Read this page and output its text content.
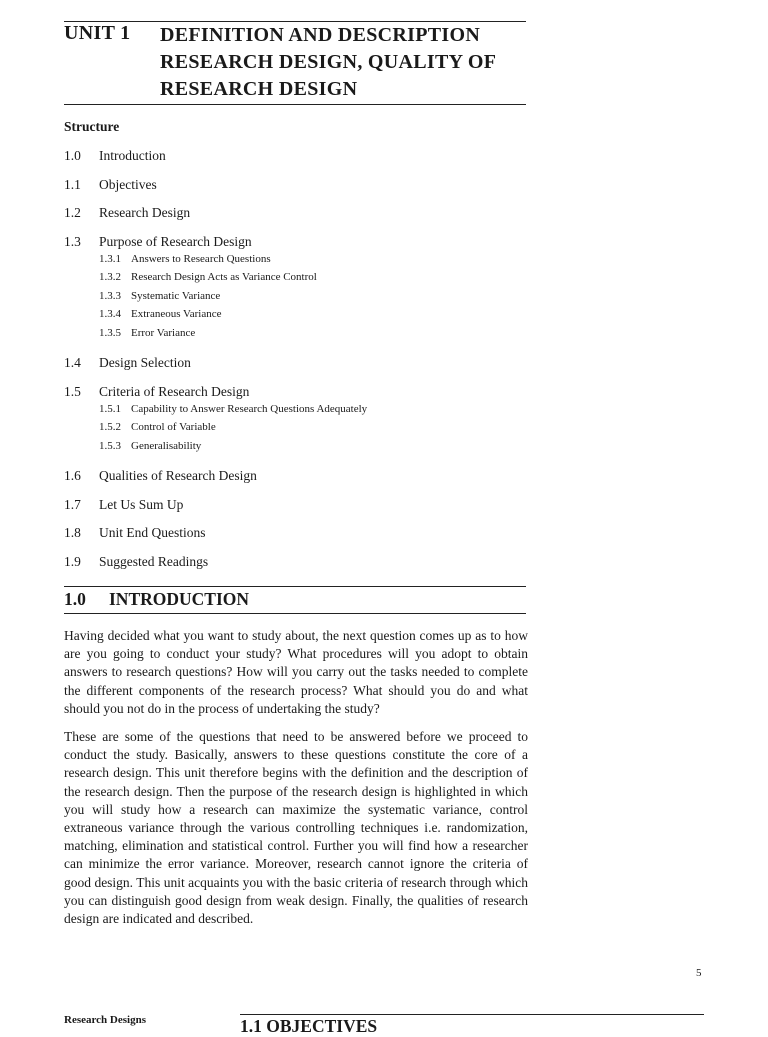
UNIT 1 DEFINITION AND DESCRIPTION
RESEARCH DESIGN, QUALITY OF
RESEARCH DESIGN
Structure
1.0 Introduction
1.1 Objectives
1.2 Research Design
1.3 Purpose of Research Design
1.3.1 Answers to Research Questions
1.3.2 Research Design Acts as Variance Control
1.3.3 Systematic Variance
1.3.4 Extraneous Variance
1.3.5 Error Variance
1.4 Design Selection
1.5 Criteria of Research Design
1.5.1 Capability to Answer Research Questions Adequately
1.5.2 Control of Variable
1.5.3 Generalisability
1.6 Qualities of Research Design
1.7 Let Us Sum Up
1.8 Unit End Questions
1.9 Suggested Readings
1.0 INTRODUCTION
Having decided what you want to study about, the next question comes up as to how are you going to conduct your study? What procedures will you adopt to obtain answers to research questions? How will you carry out the tasks needed to complete the different components of the research process? What should you do and what should you not do in the process of undertaking the study?
These are some of the questions that need to be answered before we proceed to conduct the study. Basically, answers to these questions constitute the core of a research design. This unit therefore begins with the definition and the description of the research design. Then the purpose of the research design is highlighted in which you will study how a research can maximize the systematic variance, control extraneous variance through the various controlling techniques i.e. randomization, matching, elimination and statistical control. Further you will find how a researcher can minimize the error variance. Moreover, research cannot ignore the criteria of good design. This unit acquaints you with the basic criteria of research through which you can distinguish good design from weak design. Finally, the qualities of research design are indicated and described.
5
Research Designs	1.1 OBJECTIVES
